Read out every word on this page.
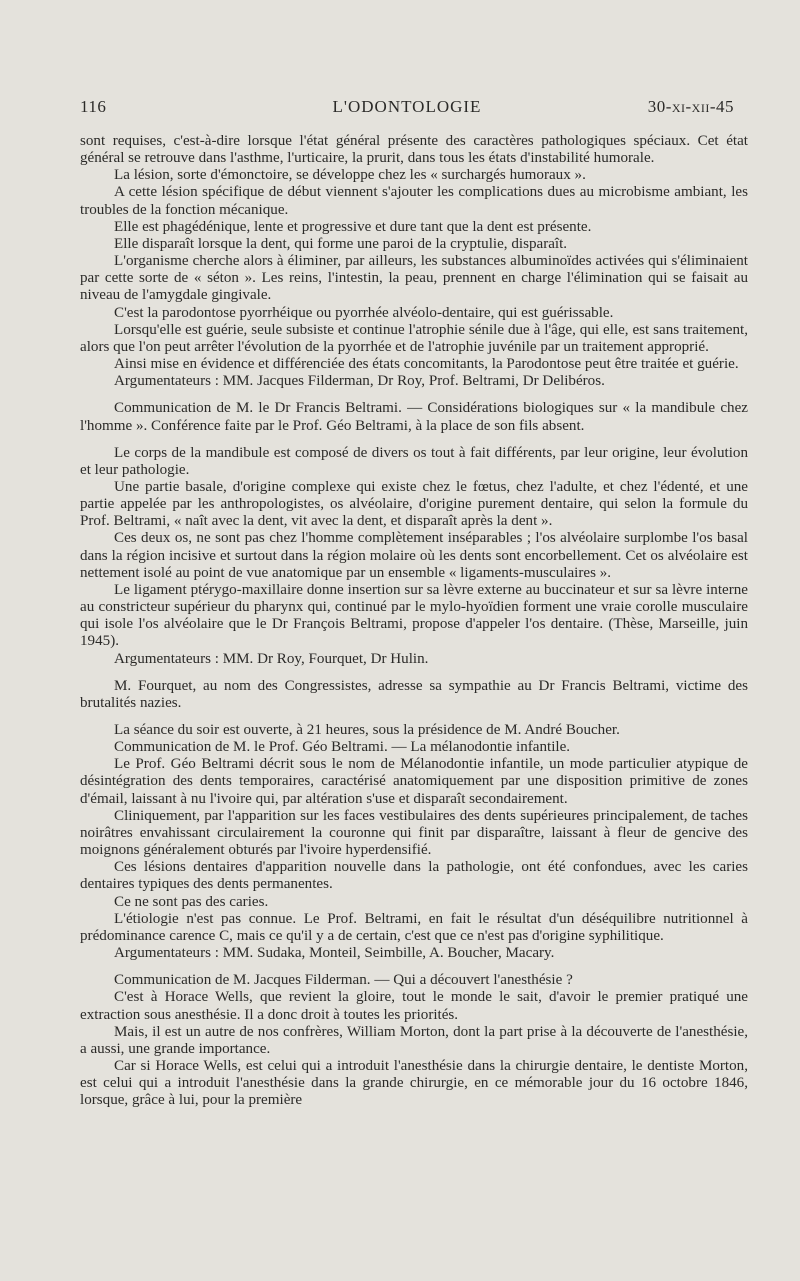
116	L'ODONTOLOGIE	30-xi-xii-45

sont requises, c'est-à-dire lorsque l'état général présente des caractères pathologiques spéciaux. Cet état général se retrouve dans l'asthme, l'urticaire, la prurit, dans tous les états d'instabilité humorale.

La lésion, sorte d'émonctoire, se développe chez les « surchargés humoraux ».

A cette lésion spécifique de début viennent s'ajouter les complications dues au microbisme ambiant, les troubles de la fonction mécanique.

Elle est phagédénique, lente et progressive et dure tant que la dent est présente.

Elle disparaît lorsque la dent, qui forme une paroi de la cryptulie, disparaît.

L'organisme cherche alors à éliminer, par ailleurs, les substances albuminoïdes activées qui s'éliminaient par cette sorte de « séton ». Les reins, l'intestin, la peau, prennent en charge l'élimination qui se faisait au niveau de l'amygdale gingivale.

C'est la parodontose pyorrhéique ou pyorrhée alvéolo-dentaire, qui est guérissable.

Lorsqu'elle est guérie, seule subsiste et continue l'atrophie sénile due à l'âge, qui elle, est sans traitement, alors que l'on peut arrêter l'évolution de la pyorrhée et de l'atrophie juvénile par un traitement approprié.

Ainsi mise en évidence et différenciée des états concomitants, la Parodontose peut être traitée et guérie.

Argumentateurs : MM. Jacques Filderman, Dr Roy, Prof. Beltrami, Dr Delibéros.

Communication de M. le Dr Francis Beltrami. — Considérations biologiques sur « la mandibule chez l'homme ». Conférence faite par le Prof. Géo Beltrami, à la place de son fils absent.

Le corps de la mandibule est composé de divers os tout à fait différents, par leur origine, leur évolution et leur pathologie.

Une partie basale, d'origine complexe qui existe chez le fœtus, chez l'adulte, et chez l'édenté, et une partie appelée par les anthropologistes, os alvéolaire, d'origine purement dentaire, qui selon la formule du Prof. Beltrami, « naît avec la dent, vit avec la dent, et disparaît après la dent ».

Ces deux os, ne sont pas chez l'homme complètement inséparables ; l'os alvéolaire surplombe l'os basal dans la région incisive et surtout dans la région molaire où les dents sont encorbellement. Cet os alvéolaire est nettement isolé au point de vue anatomique par un ensemble « ligaments-musculaires ».

Le ligament ptérygo-maxillaire donne insertion sur sa lèvre externe au buccinateur et sur sa lèvre interne au constricteur supérieur du pharynx qui, continué par le mylo-hyoïdien forment une vraie corolle musculaire qui isole l'os alvéolaire que le Dr François Beltrami, propose d'appeler l'os dentaire. (Thèse, Marseille, juin 1945).

Argumentateurs : MM. Dr Roy, Fourquet, Dr Hulin.

M. Fourquet, au nom des Congressistes, adresse sa sympathie au Dr Francis Beltrami, victime des brutalités nazies.

La séance du soir est ouverte, à 21 heures, sous la présidence de M. André Boucher.

Communication de M. le Prof. Géo Beltrami. — La mélanodontie infantile.

Le Prof. Géo Beltrami décrit sous le nom de Mélanodontie infantile, un mode particulier atypique de désintégration des dents temporaires, caractérisé anatomiquement par une disposition primitive de zones d'émail, laissant à nu l'ivoire qui, par altération s'use et disparaît secondairement.

Cliniquement, par l'apparition sur les faces vestibulaires des dents supérieures principalement, de taches noirâtres envahissant circulairement la couronne qui finit par disparaître, laissant à fleur de gencive des moignons généralement obturés par l'ivoire hyperdensifié.

Ces lésions dentaires d'apparition nouvelle dans la pathologie, ont été confondues, avec les caries dentaires typiques des dents permanentes.

Ce ne sont pas des caries.

L'étiologie n'est pas connue. Le Prof. Beltrami, en fait le résultat d'un déséquilibre nutritionnel à prédominance carence C, mais ce qu'il y a de certain, c'est que ce n'est pas d'origine syphilitique.

Argumentateurs : MM. Sudaka, Monteil, Seimbille, A. Boucher, Macary.

Communication de M. Jacques Filderman. — Qui a découvert l'anesthésie ?

C'est à Horace Wells, que revient la gloire, tout le monde le sait, d'avoir le premier pratiqué une extraction sous anesthésie. Il a donc droit à toutes les priorités.

Mais, il est un autre de nos confrères, William Morton, dont la part prise à la découverte de l'anesthésie, a aussi, une grande importance.

Car si Horace Wells, est celui qui a introduit l'anesthésie dans la chirurgie dentaire, le dentiste Morton, est celui qui a introduit l'anesthésie dans la grande chirurgie, en ce mémorable jour du 16 octobre 1846, lorsque, grâce à lui, pour la première
